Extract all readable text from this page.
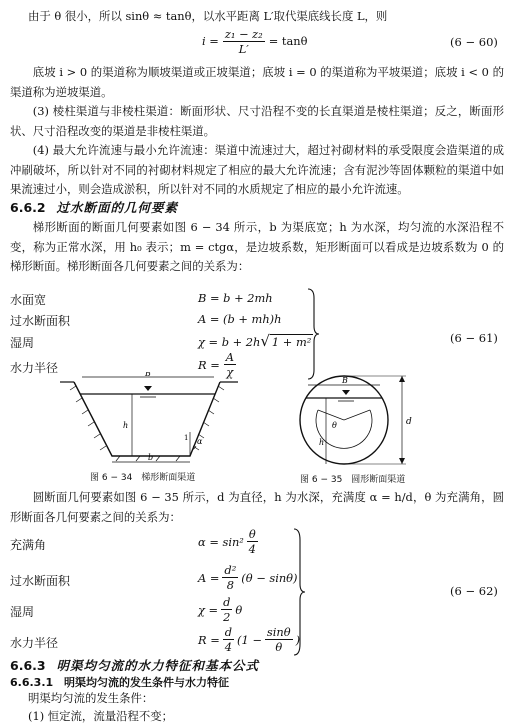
由于 θ 很小，所以 sinθ ≈ tanθ，以水平距离 L′取代渠底线长度 L，则
$i = \frac{\text{z₁ − z₂}}{L'} = \tan\theta$	(6 − 60)
底坡 i > 0 的渠道称为顺坡渠道或正坡渠道；底坡 i = 0 的渠道称为平坡渠道；底坡 i < 0 的渠道称为逆坡渠道。
(3) 棱柱渠道与非棱柱渠道：断面形状、尺寸沿程不变的长直渠道是棱柱渠道；反之，断面形状、尺寸沿程改变的渠道是非棱柱渠道。
(4) 最大允许流速与最小允许流速：渠道中流速过大，超过衬砌材料的承受限度会造渠道的成冲刷破坏，所以针对不同的衬砌材料规定了相应的最大允许流速；含有泥沙等固体颗粒的渠道中如果流速过小，则会造成淤积，所以针对不同的水质规定了相应的最小允许流速。
6.6.2 过水断面的几何要素
梯形断面的断面几何要素如图 6 − 34 所示，b 为渠底宽；h 为水深，均匀流的水深沿程不变，称为正常水深，用 h₀ 表示；m = ctgα，是边坡系数，矩形断面可以看成是边坡系数为 0 的梯形断面。梯形断面各几何要素之间的关系为：
水面宽	B = b + 2mh
过水断面积	A = (b + mh)h
湿周	χ = b + 2h√ 1 + m²
水力半径	$R = \frac{A}{\chi}$
(6 − 61)
B
h
α
1
b
图 6 − 34　梯形断面渠道
B
θ
h
d
图 6 − 35　圆形断面渠道
圆断面几何要素如图 6 − 35 所示，d 为直径，h 为水深，充满度 α = h/d，θ 为充满角，圆形断面各几何要素之间的关系为：
充满角	$\alpha = \sin^2 \frac{\theta}{4}$
过水断面积	$A = \frac{\text{d²}}{8} (\theta - \sin\theta)$
湿周	$\chi = \frac{d}{2}$ θ
水力半径	$R = \frac{d}{4} (1 - \frac{\sin\theta}{\theta}$ )
(6 − 62)
6.6.3 明渠均匀流的水力特征和基本公式
6.6.3.1 明渠均匀流的发生条件与水力特征
明渠均匀流的发生条件：
(1) 恒定流，流量沿程不变；
